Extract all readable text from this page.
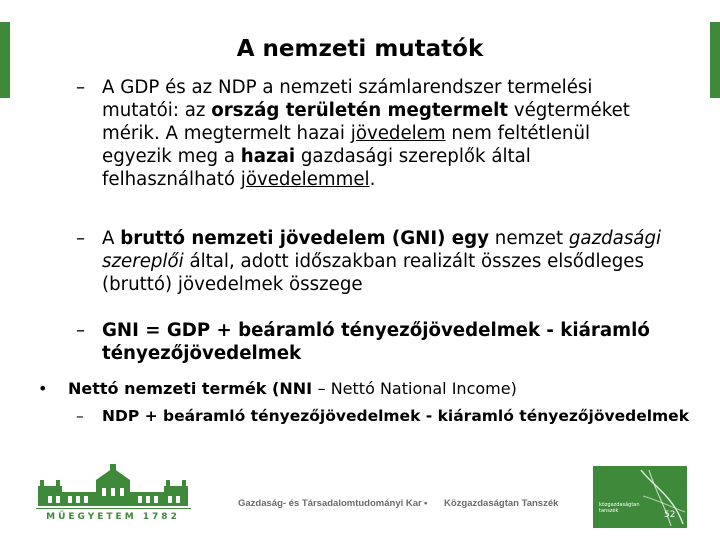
A nemzeti mutatók
– A GDP és az NDP a nemzeti számlarendszer termelési
mutatói: az ország területén megtermelt végterméket
mérik. A megtermelt hazai jövedelem nem feltétlenül
egyezik meg a hazai gazdasági szereplők által
felhasználható jövedelemmel.
– A bruttó nemzeti jövedelem (GNI) egy nemzet gazdasági
szereplői által, adott időszakban realizált összes elsődleges
(bruttó) jövedelmek összege
– GNI = GDP + beáramló tényezőjövedelmek - kiáramló
tényezőjövedelmek
• Nettó nemzeti termék (NNI – Nettó National Income)
– NDP + beáramló tényezőjövedelmek - kiáramló tényezőjövedelmek
MŰEGYETEM 1782
Gazdaság- és Társadalomtudományi Kar • Közgazdaságtan Tanszék	közgazdaságtan tanszék	52
